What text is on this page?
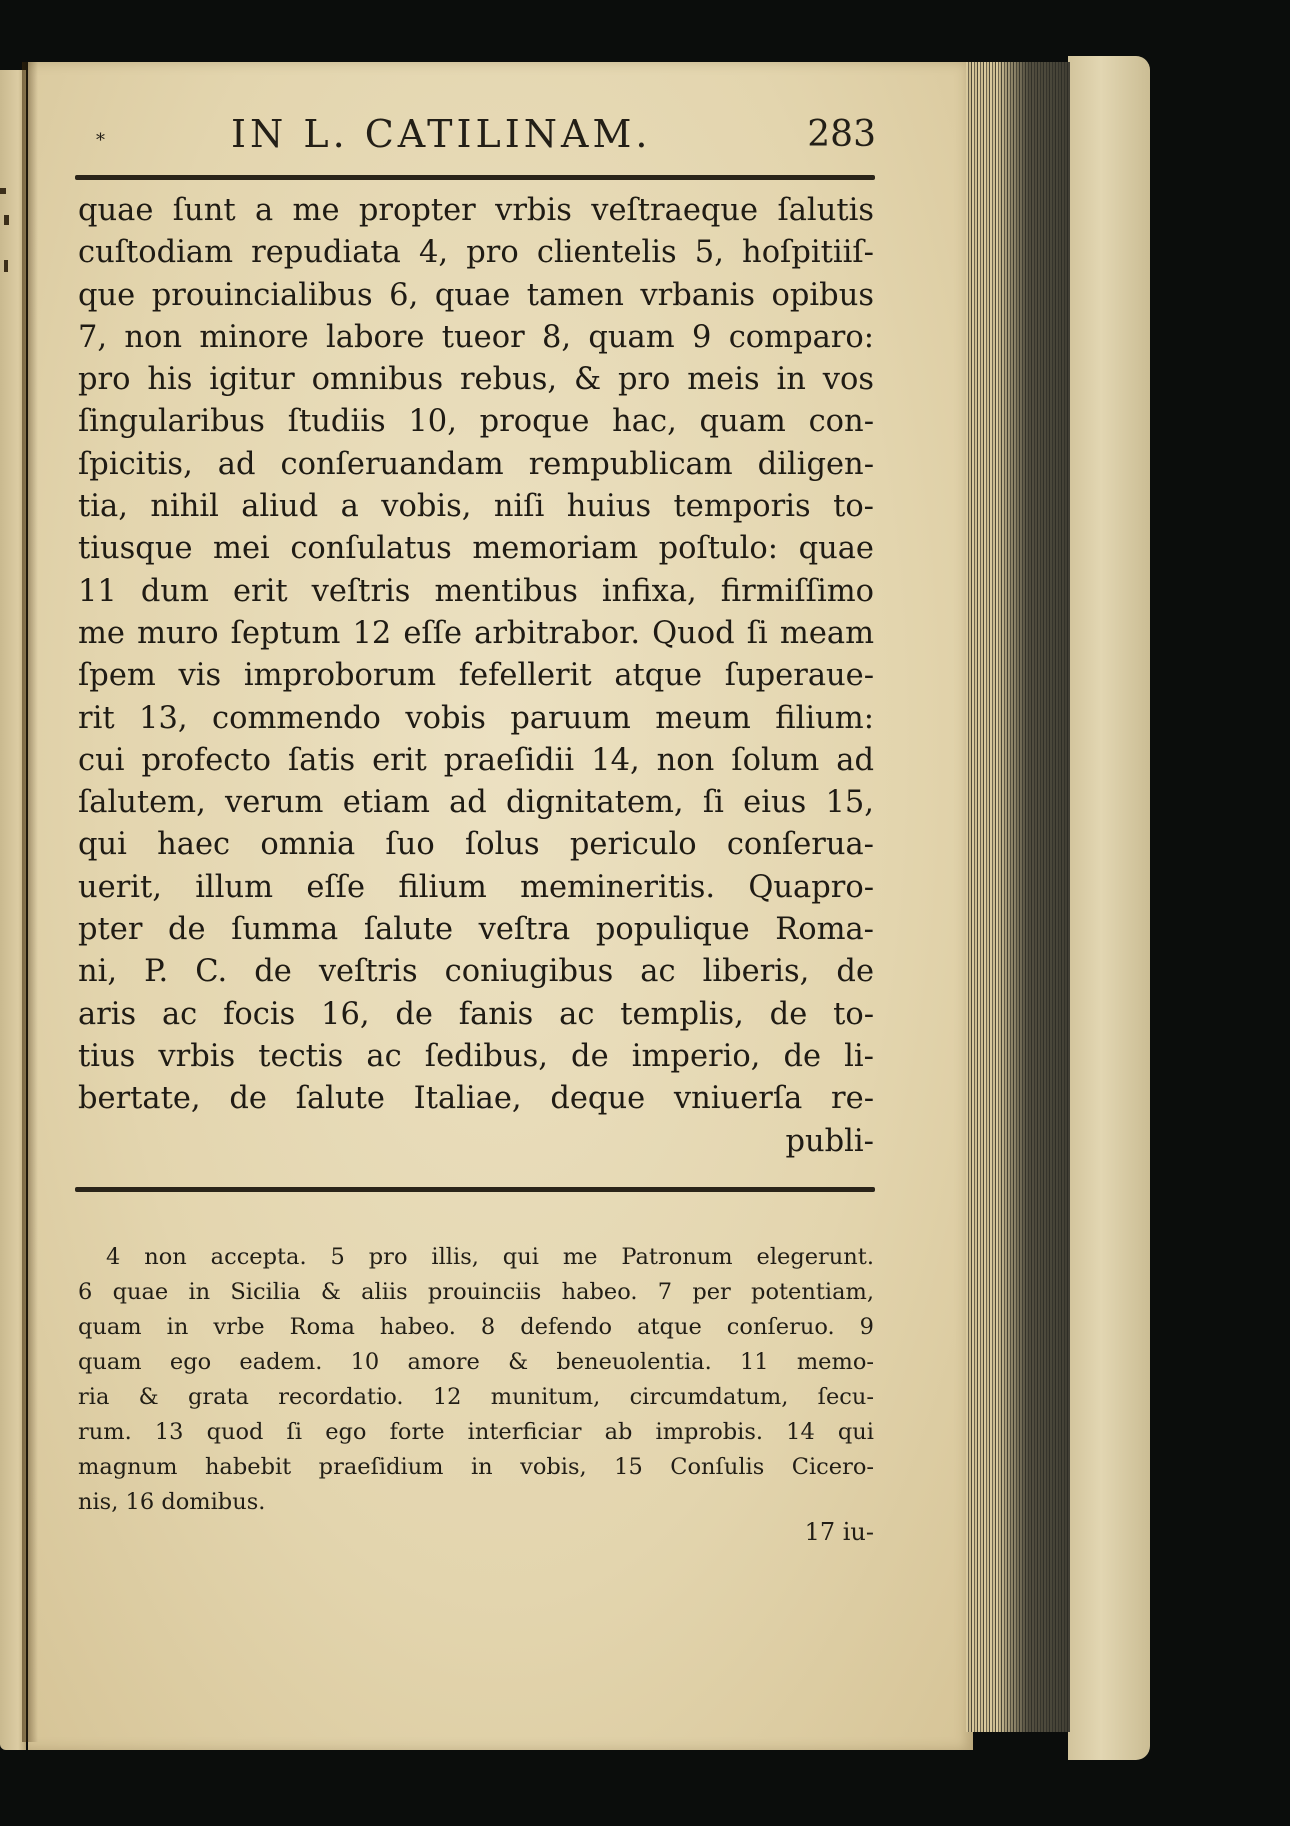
*	IN L. CATILINAM.	283
quae ſunt a me propter vrbis veſtraeque ſalutis
cuſtodiam repudiata 4, pro clientelis 5, hoſpitiiſ-
que prouincialibus 6, quae tamen vrbanis opibus
7, non minore labore tueor 8, quam 9 comparo:
pro his igitur omnibus rebus, & pro meis in vos
ſingularibus ſtudiis 10, proque hac, quam con-
ſpicitis, ad conſeruandam rempublicam diligen-
tia, nihil aliud a vobis, niſi huius temporis to-
tiusque mei conſulatus memoriam poſtulo: quae
11 dum erit veſtris mentibus infixa, firmiſſimo
me muro ſeptum 12 eſſe arbitrabor. Quod ſi meam
ſpem vis improborum fefellerit atque ſuperaue-
rit 13, commendo vobis paruum meum filium:
cui profecto ſatis erit praeſidii 14, non ſolum ad
ſalutem, verum etiam ad dignitatem, ſi eius 15,
qui haec omnia ſuo ſolus periculo conſerua-
uerit, illum eſſe filium memineritis. Quapro-
pter de ſumma ſalute veſtra populique Roma-
ni, P. C. de veſtris coniugibus ac liberis, de
aris ac focis 16, de fanis ac templis, de to-
tius vrbis tectis ac ſedibus, de imperio, de li-
bertate, de ſalute Italiae, deque vniuerſa re-
publi-
4 non accepta. 5 pro illis, qui me Patronum elegerunt.
6 quae in Sicilia & aliis prouinciis habeo. 7 per potentiam,
quam in vrbe Roma habeo. 8 defendo atque conſeruo. 9
quam ego eadem. 10 amore & beneuolentia. 11 memo-
ria & grata recordatio. 12 munitum, circumdatum, ſecu-
rum. 13 quod ſi ego forte interficiar ab improbis. 14 qui
magnum habebit praeſidium in vobis, 15 Conſulis Cicero-
nis, 16 domibus.
17 iu-
